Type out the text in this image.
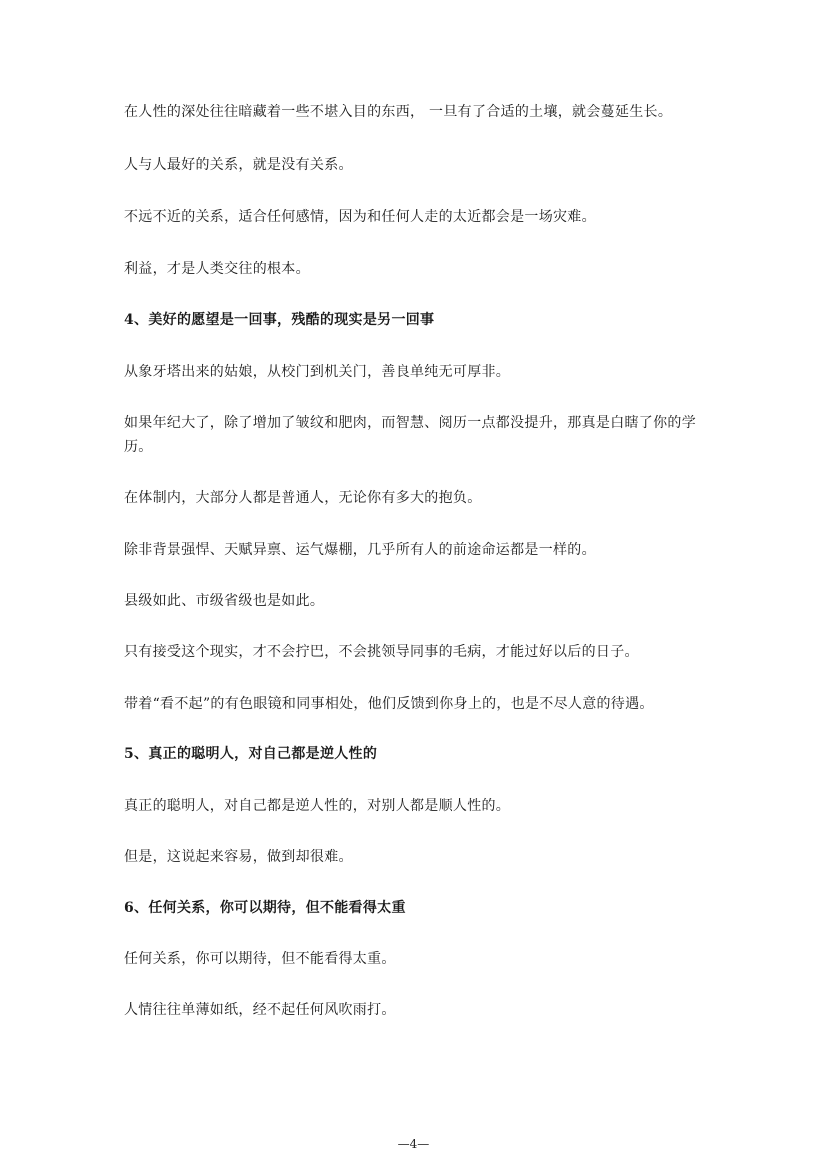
在人性的深处往往暗藏着一些不堪入目的东西， 一旦有了合适的土壤，就会蔓延生长。

人与人最好的关系，就是没有关系。

不远不近的关系，适合任何感情，因为和任何人走的太近都会是一场灾难。

利益，才是人类交往的根本。

4、美好的愿望是一回事，残酷的现实是另一回事

从象牙塔出来的姑娘，从校门到机关门，善良单纯无可厚非。

如果年纪大了，除了增加了皱纹和肥肉，而智慧、阅历一点都没提升，那真是白瞎了你的学历。

在体制内，大部分人都是普通人，无论你有多大的抱负。

除非背景强悍、天赋异禀、运气爆棚，几乎所有人的前途命运都是一样的。

县级如此、市级省级也是如此。

只有接受这个现实，才不会拧巴，不会挑领导同事的毛病，才能过好以后的日子。

带着“看不起”的有色眼镜和同事相处，他们反馈到你身上的，也是不尽人意的待遇。

5、真正的聪明人，对自己都是逆人性的

真正的聪明人，对自己都是逆人性的，对别人都是顺人性的。

但是，这说起来容易，做到却很难。

6、任何关系，你可以期待，但不能看得太重

任何关系，你可以期待，但不能看得太重。

人情往往单薄如纸，经不起任何风吹雨打。

—4—
